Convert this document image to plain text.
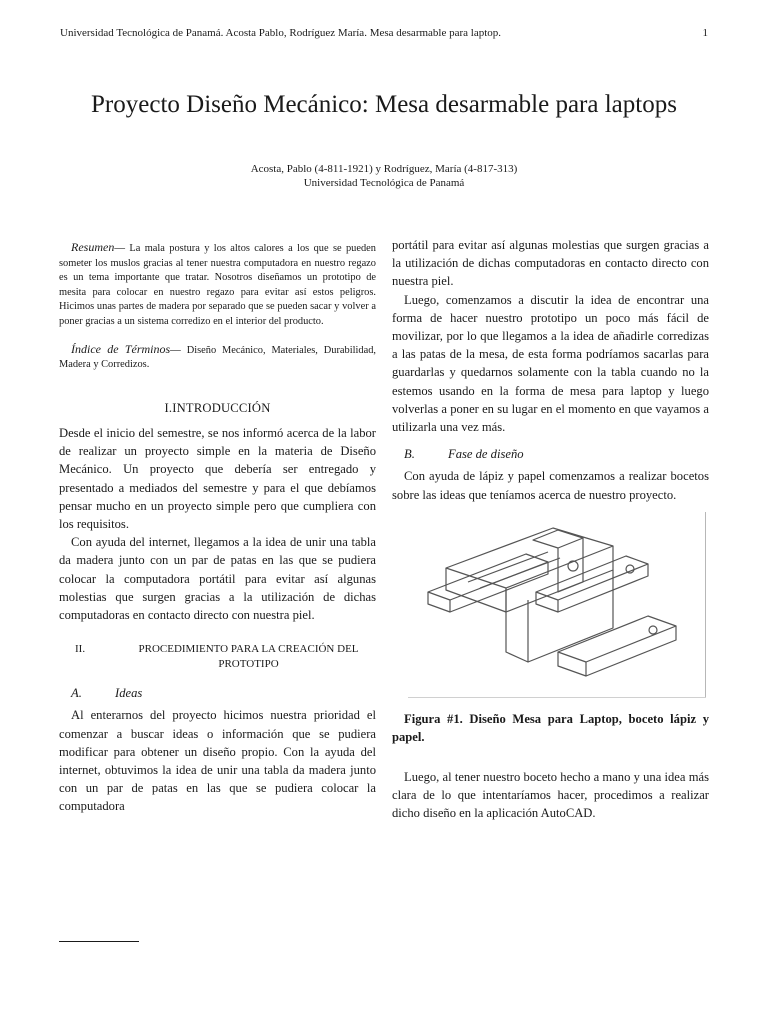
Universidad Tecnológica de Panamá. Acosta Pablo, Rodríguez María. Mesa desarmable para laptop.	1
Proyecto Diseño Mecánico: Mesa desarmable para laptops
Acosta, Pablo (4-811-1921) y Rodríguez, María (4-817-313)
Universidad Tecnológica de Panamá

Resumen— La mala postura y los altos calores a los que se pueden someter los muslos gracias al tener nuestra computadora en nuestro regazo es un tema importante que tratar. Nosotros diseñamos un prototipo de mesita para colocar en nuestro regazo para evitar así estos peligros. Hicimos unas partes de madera por separado que se pueden sacar y volver a poner gracias a un sistema corredizo en el interior del producto.

Índice de Términos— Diseño Mecánico, Materiales, Durabilidad, Madera y Corredizos.

I.INTRODUCCIÓN

Desde el inicio del semestre, se nos informó acerca de la labor de realizar un proyecto simple en la materia de Diseño Mecánico. Un proyecto que debería ser entregado y presentado a mediados del semestre y para el que debíamos pensar mucho en un proyecto simple pero que cumpliera con los requisitos.

Con ayuda del internet, llegamos a la idea de unir una tabla da madera junto con un par de patas en las que se pudiera colocar la computadora portátil para evitar así algunas molestias que surgen gracias a la utilización de dichas computadoras en contacto directo con nuestra piel.

II.	PROCEDIMIENTO PARA LA CREACIÓN DEL PROTOTIPO
A.	Ideas

Al enterarnos del proyecto hicimos nuestra prioridad el comenzar a buscar ideas o información que se pudiera modificar para obtener un diseño propio. Con la ayuda del internet, obtuvimos la idea de unir una tabla da madera junto con un par de patas en las que se pudiera colocar la computadora

portátil para evitar así algunas molestias que surgen gracias a la utilización de dichas computadoras en contacto directo con nuestra piel.

Luego, comenzamos a discutir la idea de encontrar una forma de hacer nuestro prototipo un poco más fácil de movilizar, por lo que llegamos a la idea de añadirle corredizas a las patas de la mesa, de esta forma podríamos sacarlas para guardarlas y quedarnos solamente con la tabla cuando no la estemos usando en la forma de mesa para laptop y luego volverlas a poner en su lugar en el momento en que vayamos a utilizarla una vez más.

B.	Fase de diseño

Con ayuda de lápiz y papel comenzamos a realizar bocetos sobre las ideas que teníamos acerca de nuestro proyecto.

Figura #1. Diseño Mesa para Laptop, boceto lápiz y papel.

Luego, al tener nuestro boceto hecho a mano y una idea más clara de lo que intentaríamos hacer, procedimos a realizar dicho diseño en la aplicación AutoCAD.
